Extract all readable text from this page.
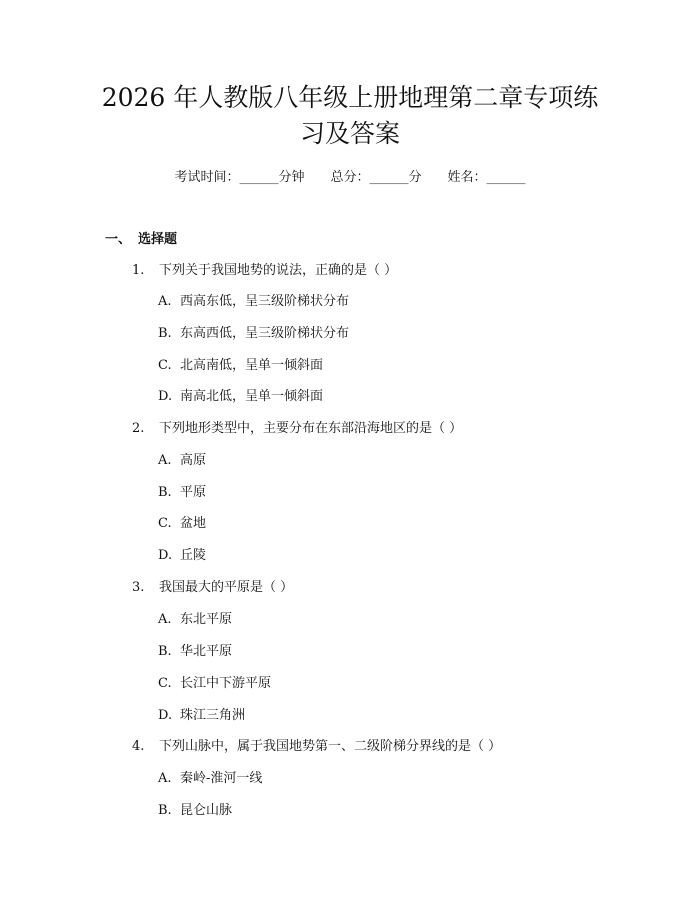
2026 年人教版八年级上册地理第二章专项练
习及答案
考试时间：______分钟 总分：______分 姓名：______
一、 选择题
1. 下列关于我国地势的说法，正确的是（ ）
A. 西高东低，呈三级阶梯状分布
B. 东高西低，呈三级阶梯状分布
C. 北高南低，呈单一倾斜面
D. 南高北低，呈单一倾斜面
2. 下列地形类型中，主要分布在东部沿海地区的是（ ）
A. 高原
B. 平原
C. 盆地
D. 丘陵
3. 我国最大的平原是（ ）
A. 东北平原
B. 华北平原
C. 长江中下游平原
D. 珠江三角洲
4. 下列山脉中，属于我国地势第一、二级阶梯分界线的是（ ）
A. 秦岭-淮河一线
B. 昆仑山脉
